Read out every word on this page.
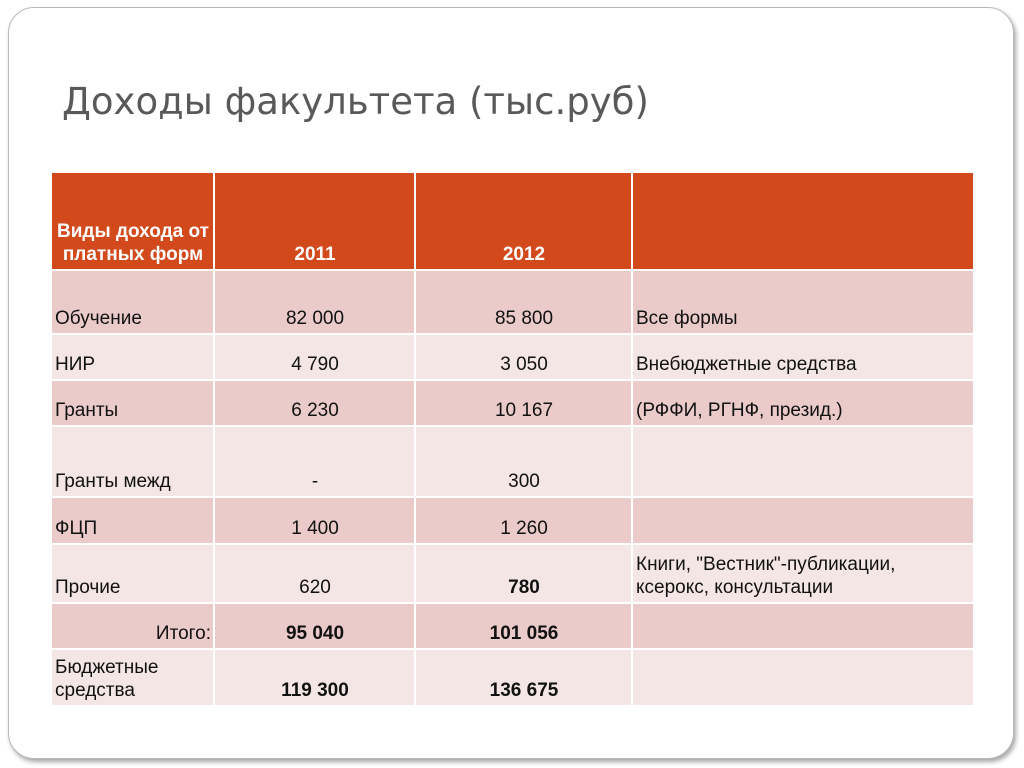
Доходы факультета (тыс.руб)
Виды дохода от платных форм	2011	2012	
Обучение	82 000	85 800	Все формы
НИР	4 790	3 050	Внебюджетные средства
Гранты	6 230	10 167	(РФФИ, РГНФ, презид.)
Гранты межд	-	300	
ФЦП	1 400	1 260	
Прочие	620	780	Книги, "Вестник"-публикации, ксерокс, консультации
Итого:	95 040	101 056	
Бюджетные средства	119 300	136 675	
